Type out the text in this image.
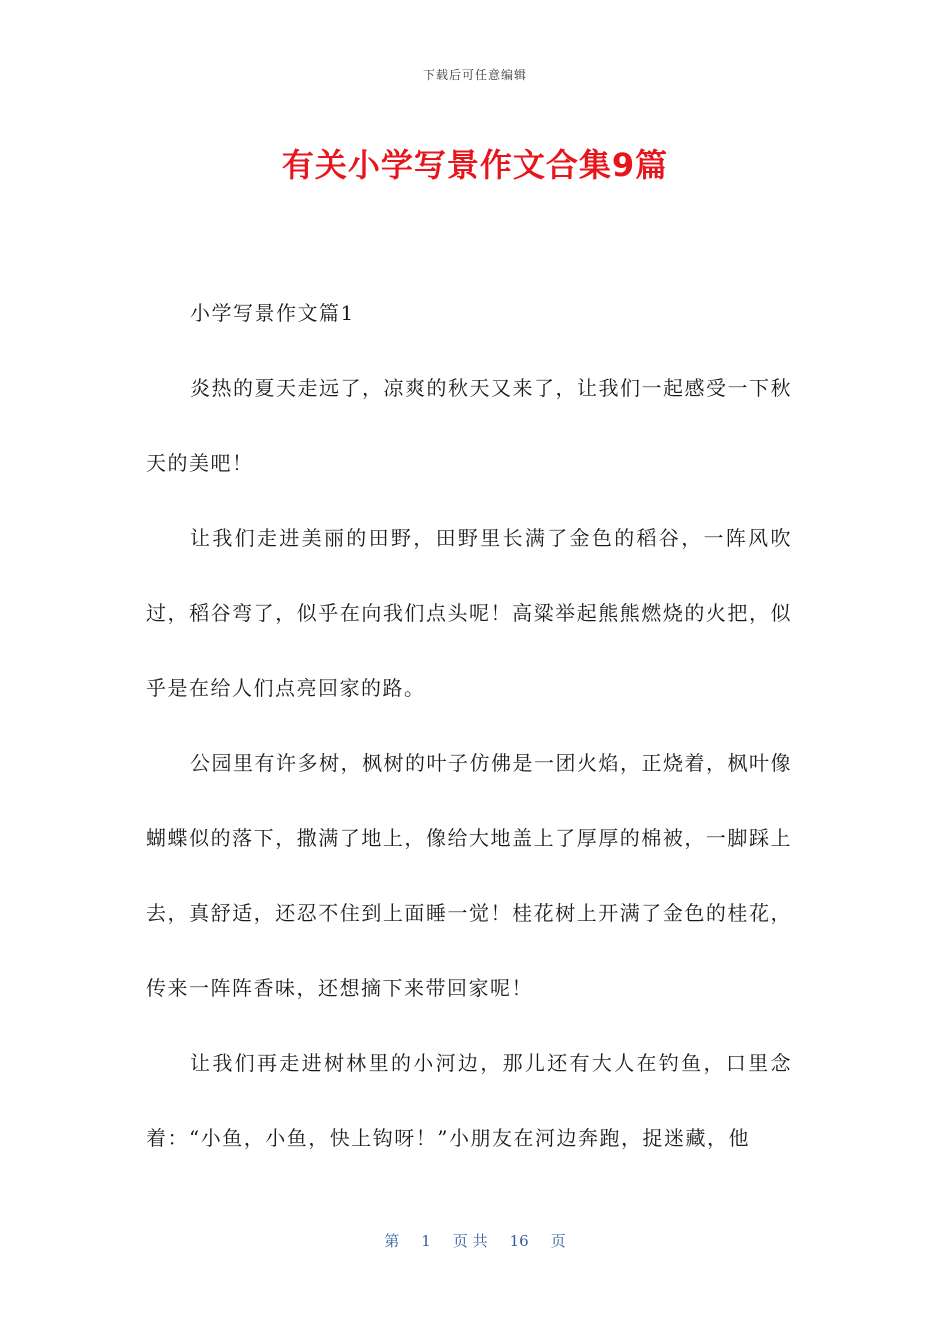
下载后可任意编辑
有关小学写景作文合集9篇

小学写景作文篇1

炎热的夏天走远了，凉爽的秋天又来了，让我们一起感受一下秋天的美吧！

让我们走进美丽的田野，田野里长满了金色的稻谷，一阵风吹过，稻谷弯了，似乎在向我们点头呢！高粱举起熊熊燃烧的火把，似乎是在给人们点亮回家的路。

公园里有许多树，枫树的叶子仿佛是一团火焰，正烧着，枫叶像蝴蝶似的落下，撒满了地上，像给大地盖上了厚厚的棉被，一脚踩上去，真舒适，还忍不住到上面睡一觉！桂花树上开满了金色的桂花，传来一阵阵香味，还想摘下来带回家呢！

让我们再走进树林里的小河边，那儿还有大人在钓鱼，口里念着：“小鱼，小鱼，快上钩呀！”小朋友在河边奔跑，捉迷藏，他

第 1 页 共 16 页
